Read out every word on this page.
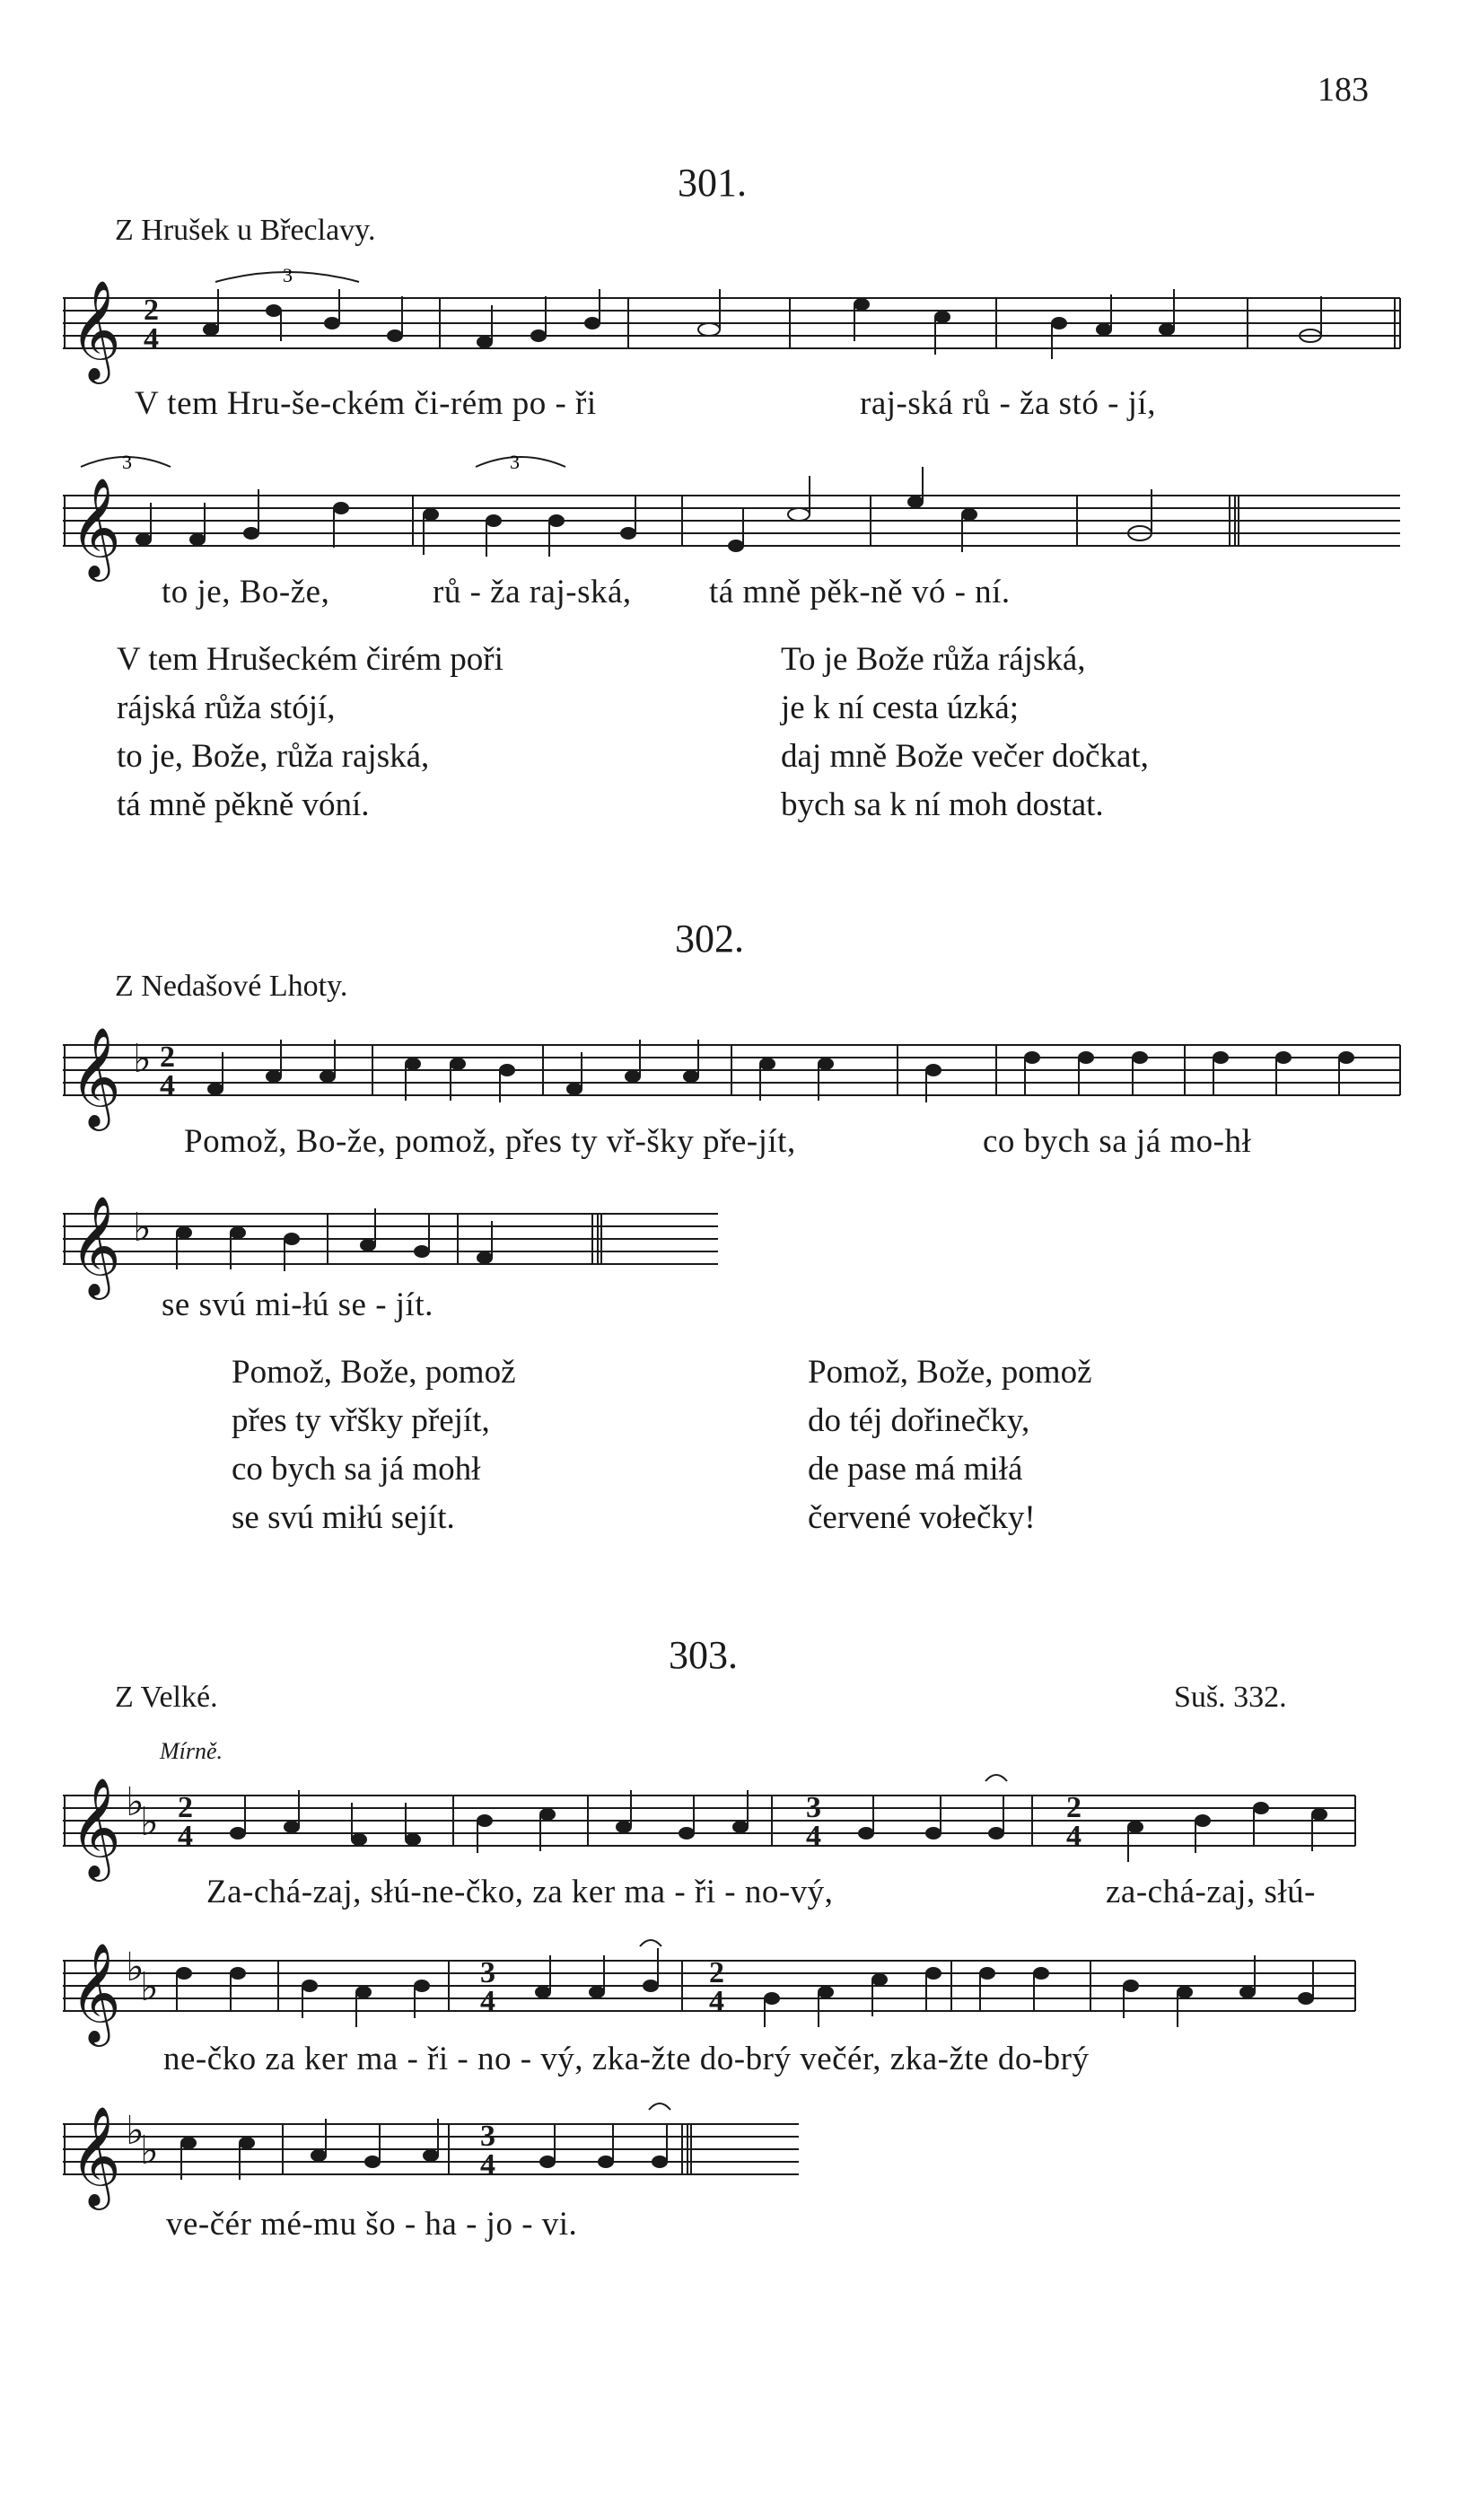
183
301.
Z Hrušek u Břeclavy.
𝄞 2
4
3
V tem Hru-še-ckém či-rém po - ři	raj-ská rů - ža stó - jí,
𝄞
3	3
to je, Bo-že,	rů - ža raj-ská, tá mně pěk-ně vó - ní.
V tem Hrušeckém čirém poři
rájská růža stójí,
to je, Bože, růža rajská,
tá mně pěkně vóní.
To je Bože růža rájská,
je k ní cesta úzká;
daj mně Bože večer dočkat,
bych sa k ní moh dostat.
302.
Z Nedašové Lhoty.
𝄞 ♭ 2
4
Pomož, Bo-že, pomož, přes ty vř-šky pře-jít,	co bych sa já mo-hł
𝄞 ♭
se svú mi-łú se - jít.
Pomož, Bože, pomož
přes ty vřšky přejít,
co bych sa já mohł
se svú miłú sejít.
Pomož, Bože, pomož
do téj dořinečky,
de pase má miłá
červené vołečky!
303.
Z Velké.	Suš. 332.
Mírně.
𝄞 ♭
♭ 2
4
3
4
2
4
Za-chá-zaj, słú-ne-čko, za ker ma - ři - no-vý,	za-chá-zaj, słú-
𝄞 ♭
♭	3
4
2
4
ne-čko za ker ma - ři - no - vý, zka-žte do-brý večér, zka-žte do-brý
𝄞 ♭
♭	3
4
ve-čér mé-mu šo - ha - jo - vi.
